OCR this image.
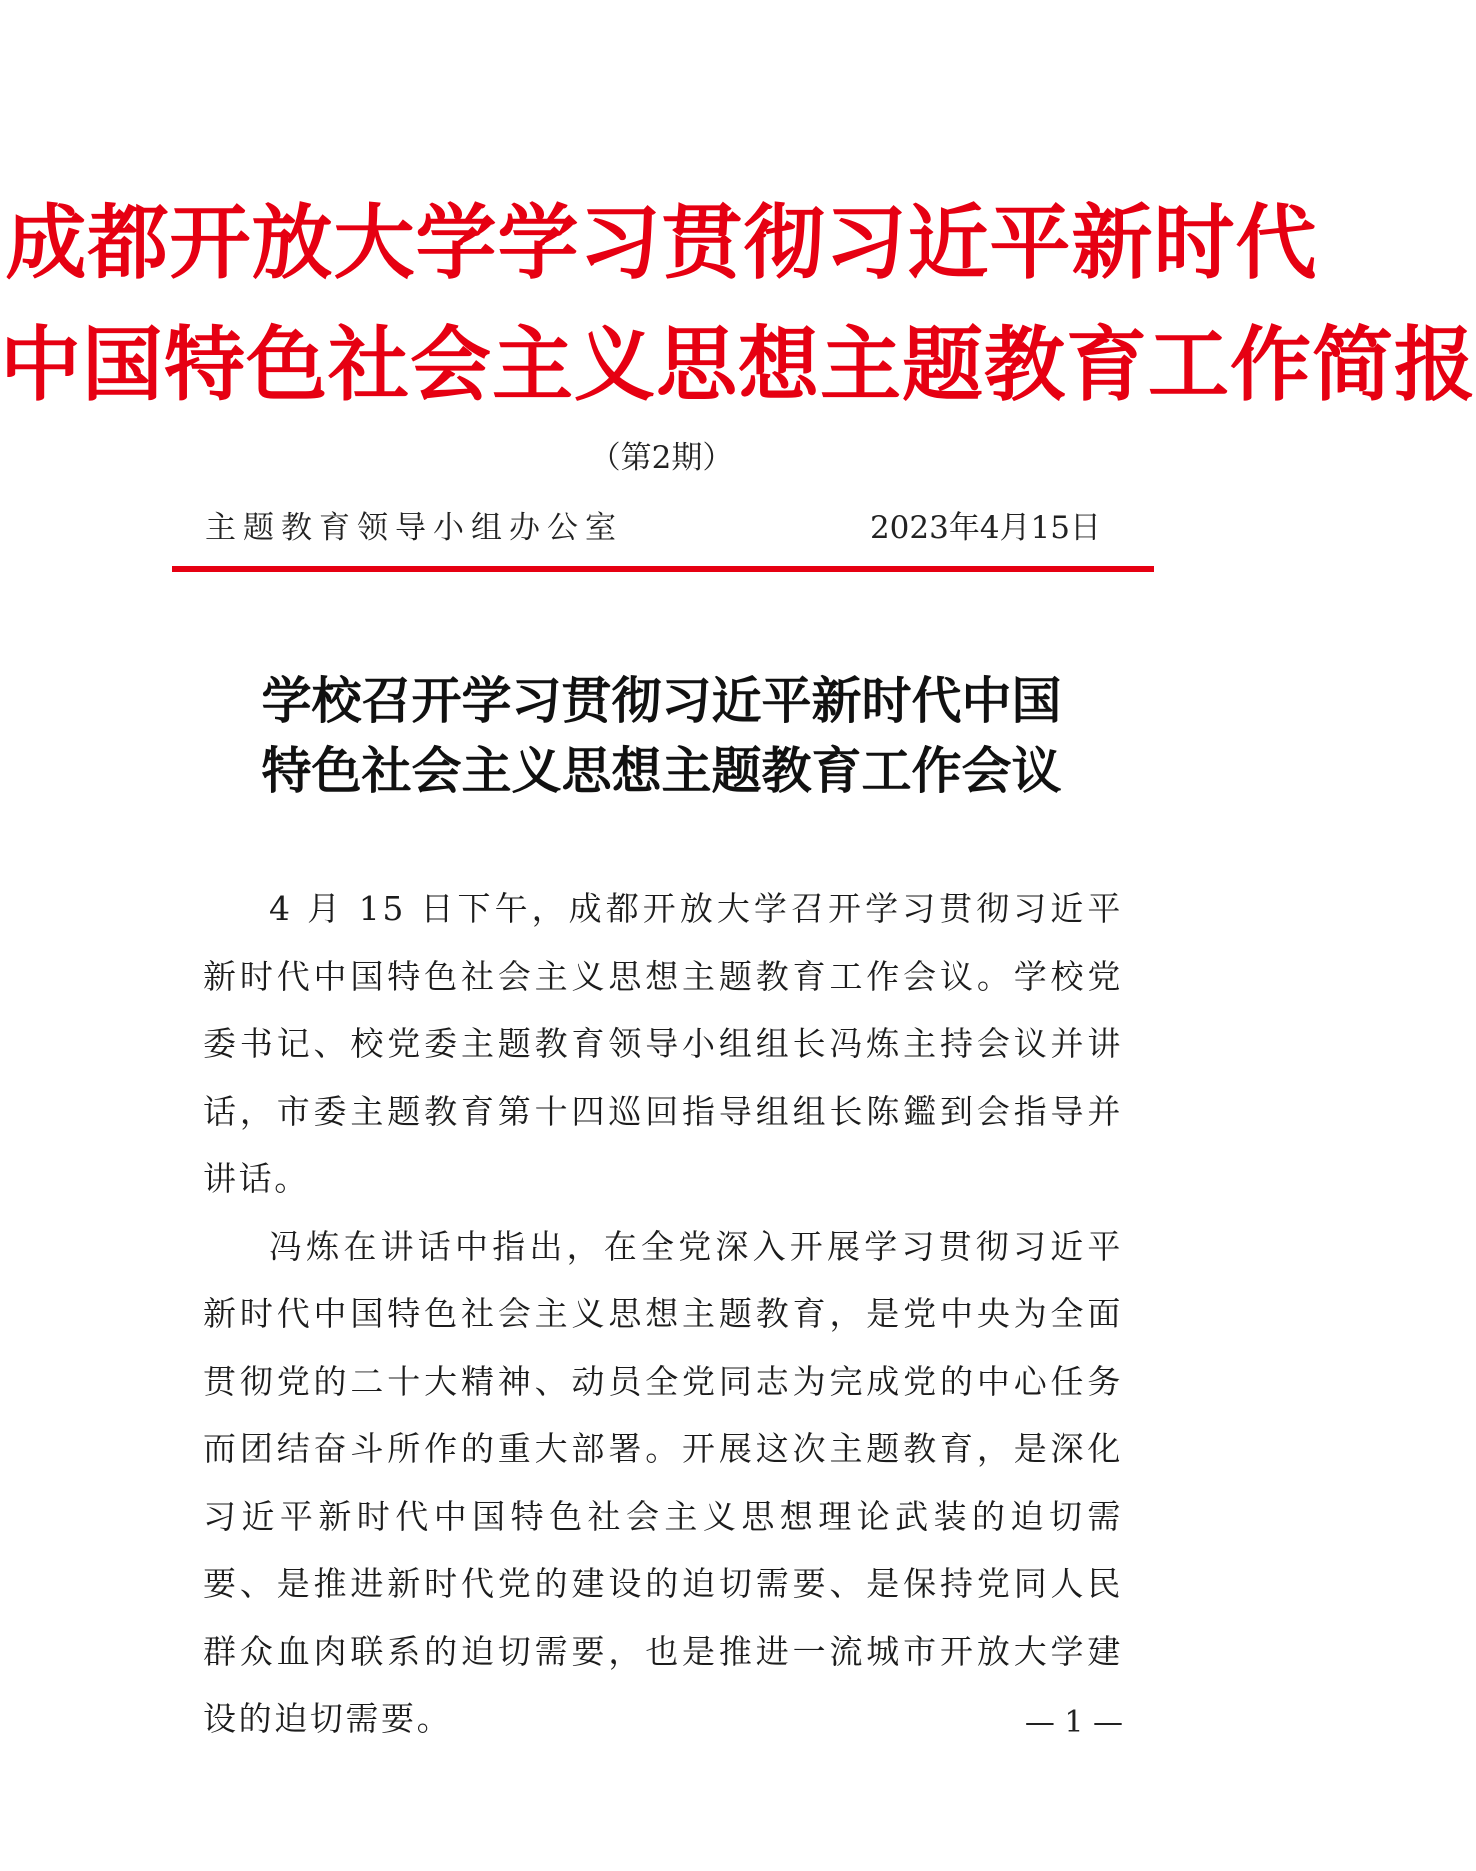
成都开放大学学习贯彻习近平新时代
中国特色社会主义思想主题教育工作简报
（第2期）
主题教育领导小组办公室	2023年4月15日
学校召开学习贯彻习近平新时代中国
特色社会主义思想主题教育工作会议

4 月 15 日下午，成都开放大学召开学习贯彻习近平新时代中国特色社会主义思想主题教育工作会议。学校党委书记、校党委主题教育领导小组组长冯炼主持会议并讲话，市委主题教育第十四巡回指导组组长陈鑑到会指导并讲话。

冯炼在讲话中指出，在全党深入开展学习贯彻习近平新时代中国特色社会主义思想主题教育，是党中央为全面贯彻党的二十大精神、动员全党同志为完成党的中心任务而团结奋斗所作的重大部署。开展这次主题教育，是深化习近平新时代中国特色社会主义思想理论武装的迫切需要、是推进新时代党的建设的迫切需要、是保持党同人民群众血肉联系的迫切需要，也是推进一流城市开放大学建设的迫切需要。	— 1 —
